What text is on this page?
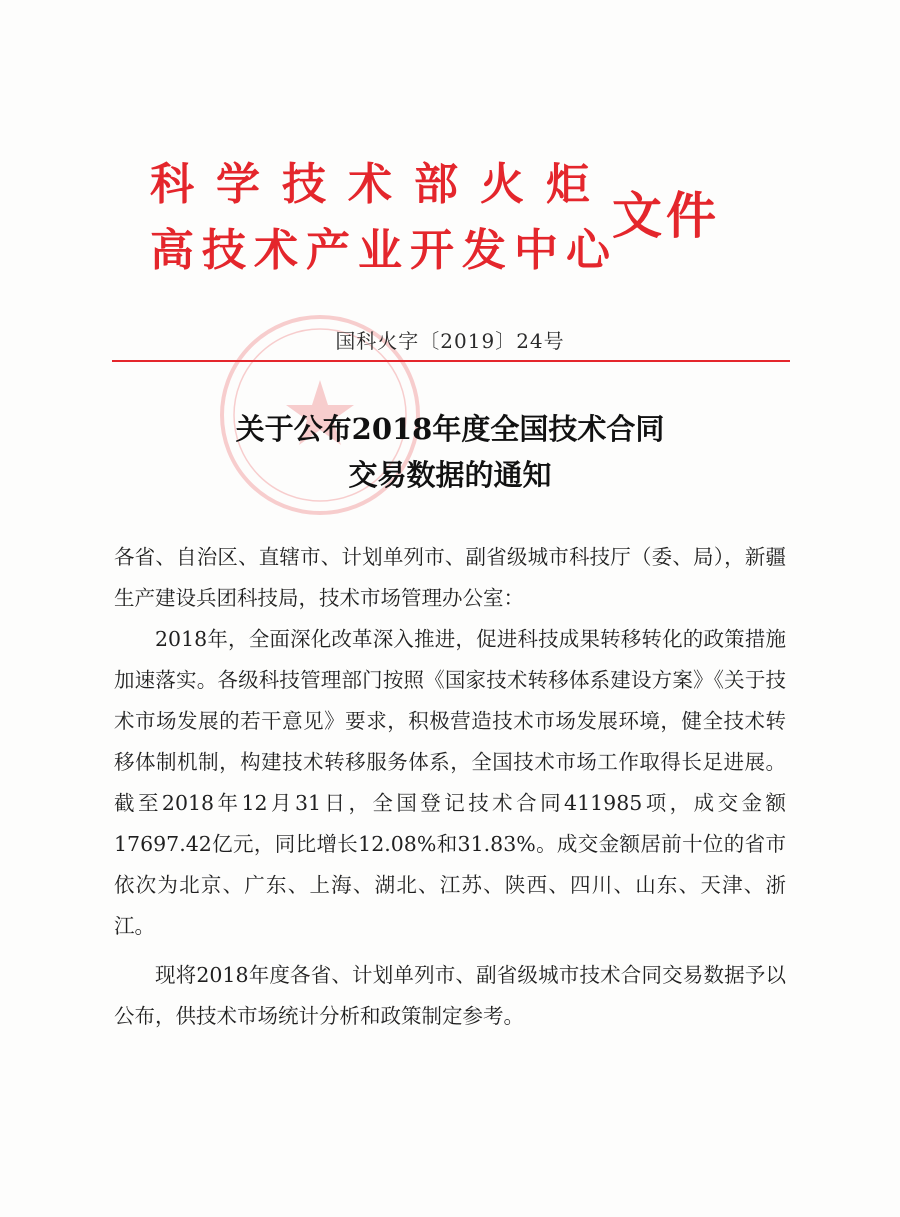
科学技术部火炬
高技术产业开发中心
文件
国科火字〔2019〕24号
关于公布2018年度全国技术合同
交易数据的通知

各省、自治区、直辖市、计划单列市、副省级城市科技厅（委、局），新疆生产建设兵团科技局，技术市场管理办公室：

2018年，全面深化改革深入推进，促进科技成果转移转化的政策措施加速落实。各级科技管理部门按照《国家技术转移体系建设方案》《关于技术市场发展的若干意见》要求，积极营造技术市场发展环境，健全技术转移体制机制，构建技术转移服务体系，全国技术市场工作取得长足进展。截至2018年12月31日，全国登记技术合同411985项，成交金额17697.42亿元，同比增长12.08%和31.83%。成交金额居前十位的省市依次为北京、广东、上海、湖北、江苏、陕西、四川、山东、天津、浙江。

现将2018年度各省、计划单列市、副省级城市技术合同交易数据予以公布，供技术市场统计分析和政策制定参考。
